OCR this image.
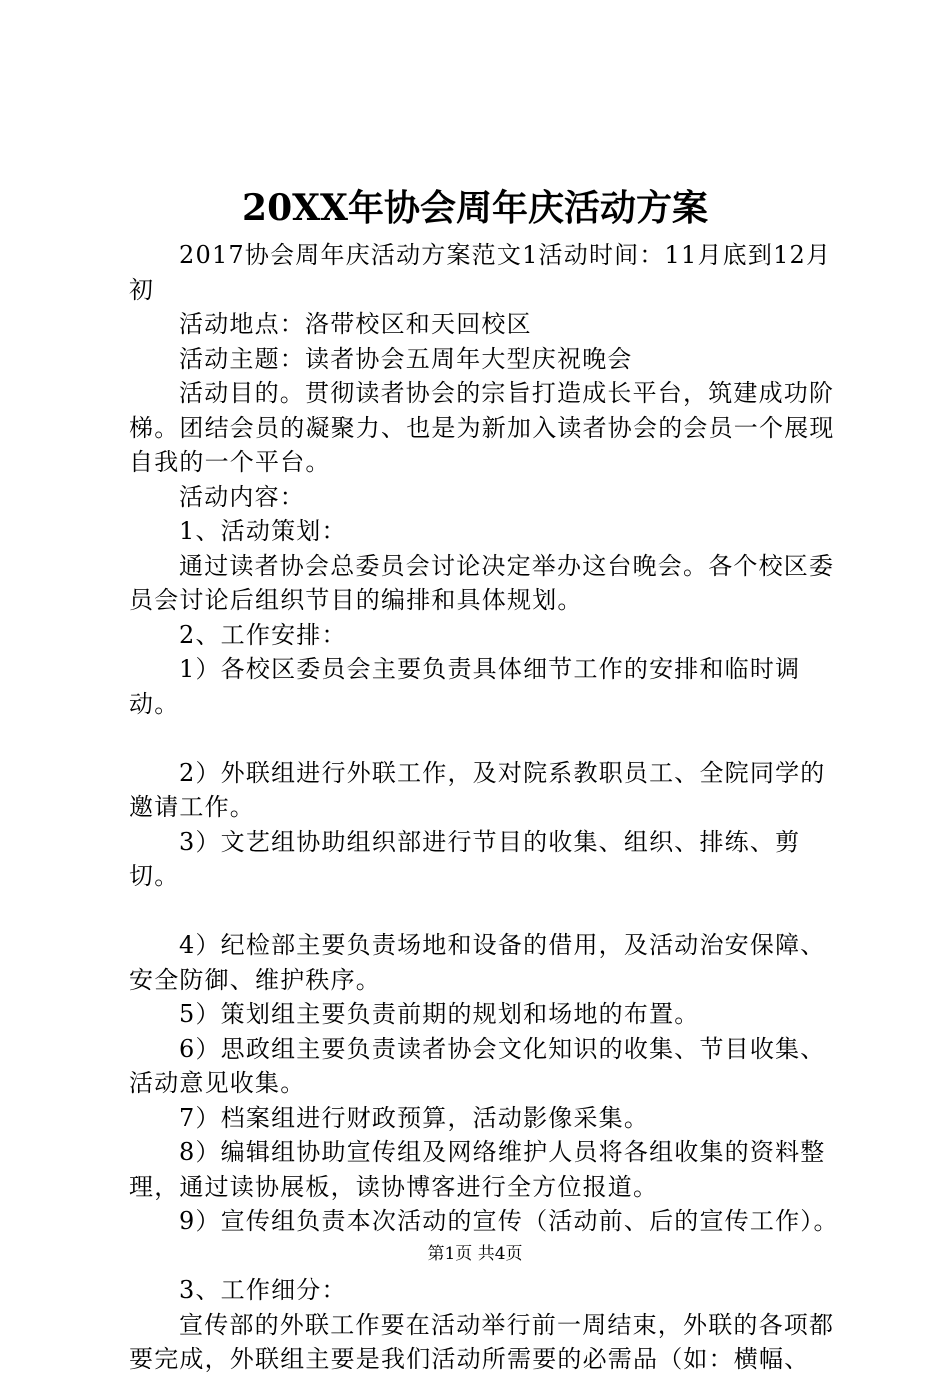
20XX年协会周年庆活动方案

2017协会周年庆活动方案范文1活动时间：11月底到12月初

活动地点：洛带校区和天回校区

活动主题：读者协会五周年大型庆祝晚会

活动目的。贯彻读者协会的宗旨打造成长平台，筑建成功阶梯。团结会员的凝聚力、也是为新加入读者协会的会员一个展现自我的一个平台。

活动内容：

1、活动策划：

通过读者协会总委员会讨论决定举办这台晚会。各个校区委员会讨论后组织节目的编排和具体规划。

2、工作安排：

1）各校区委员会主要负责具体细节工作的安排和临时调动。

2）外联组进行外联工作，及对院系教职员工、全院同学的邀请工作。

3）文艺组协助组织部进行节目的收集、组织、排练、剪切。

4）纪检部主要负责场地和设备的借用，及活动治安保障、安全防御、维护秩序。

5）策划组主要负责前期的规划和场地的布置。

6）思政组主要负责读者协会文化知识的收集、节目收集、活动意见收集。

7）档案组进行财政预算，活动影像采集。

8）编辑组协助宣传组及网络维护人员将各组收集的资料整理，通过读协展板，读协博客进行全方位报道。

9）宣传组负责本次活动的宣传（活动前、后的宣传工作）。

3、工作细分：

宣传部的外联工作要在活动举行前一周结束，外联的各项都要完成，外联组主要是我们活动所需要的必需品（如：横幅、

第1页 共4页
